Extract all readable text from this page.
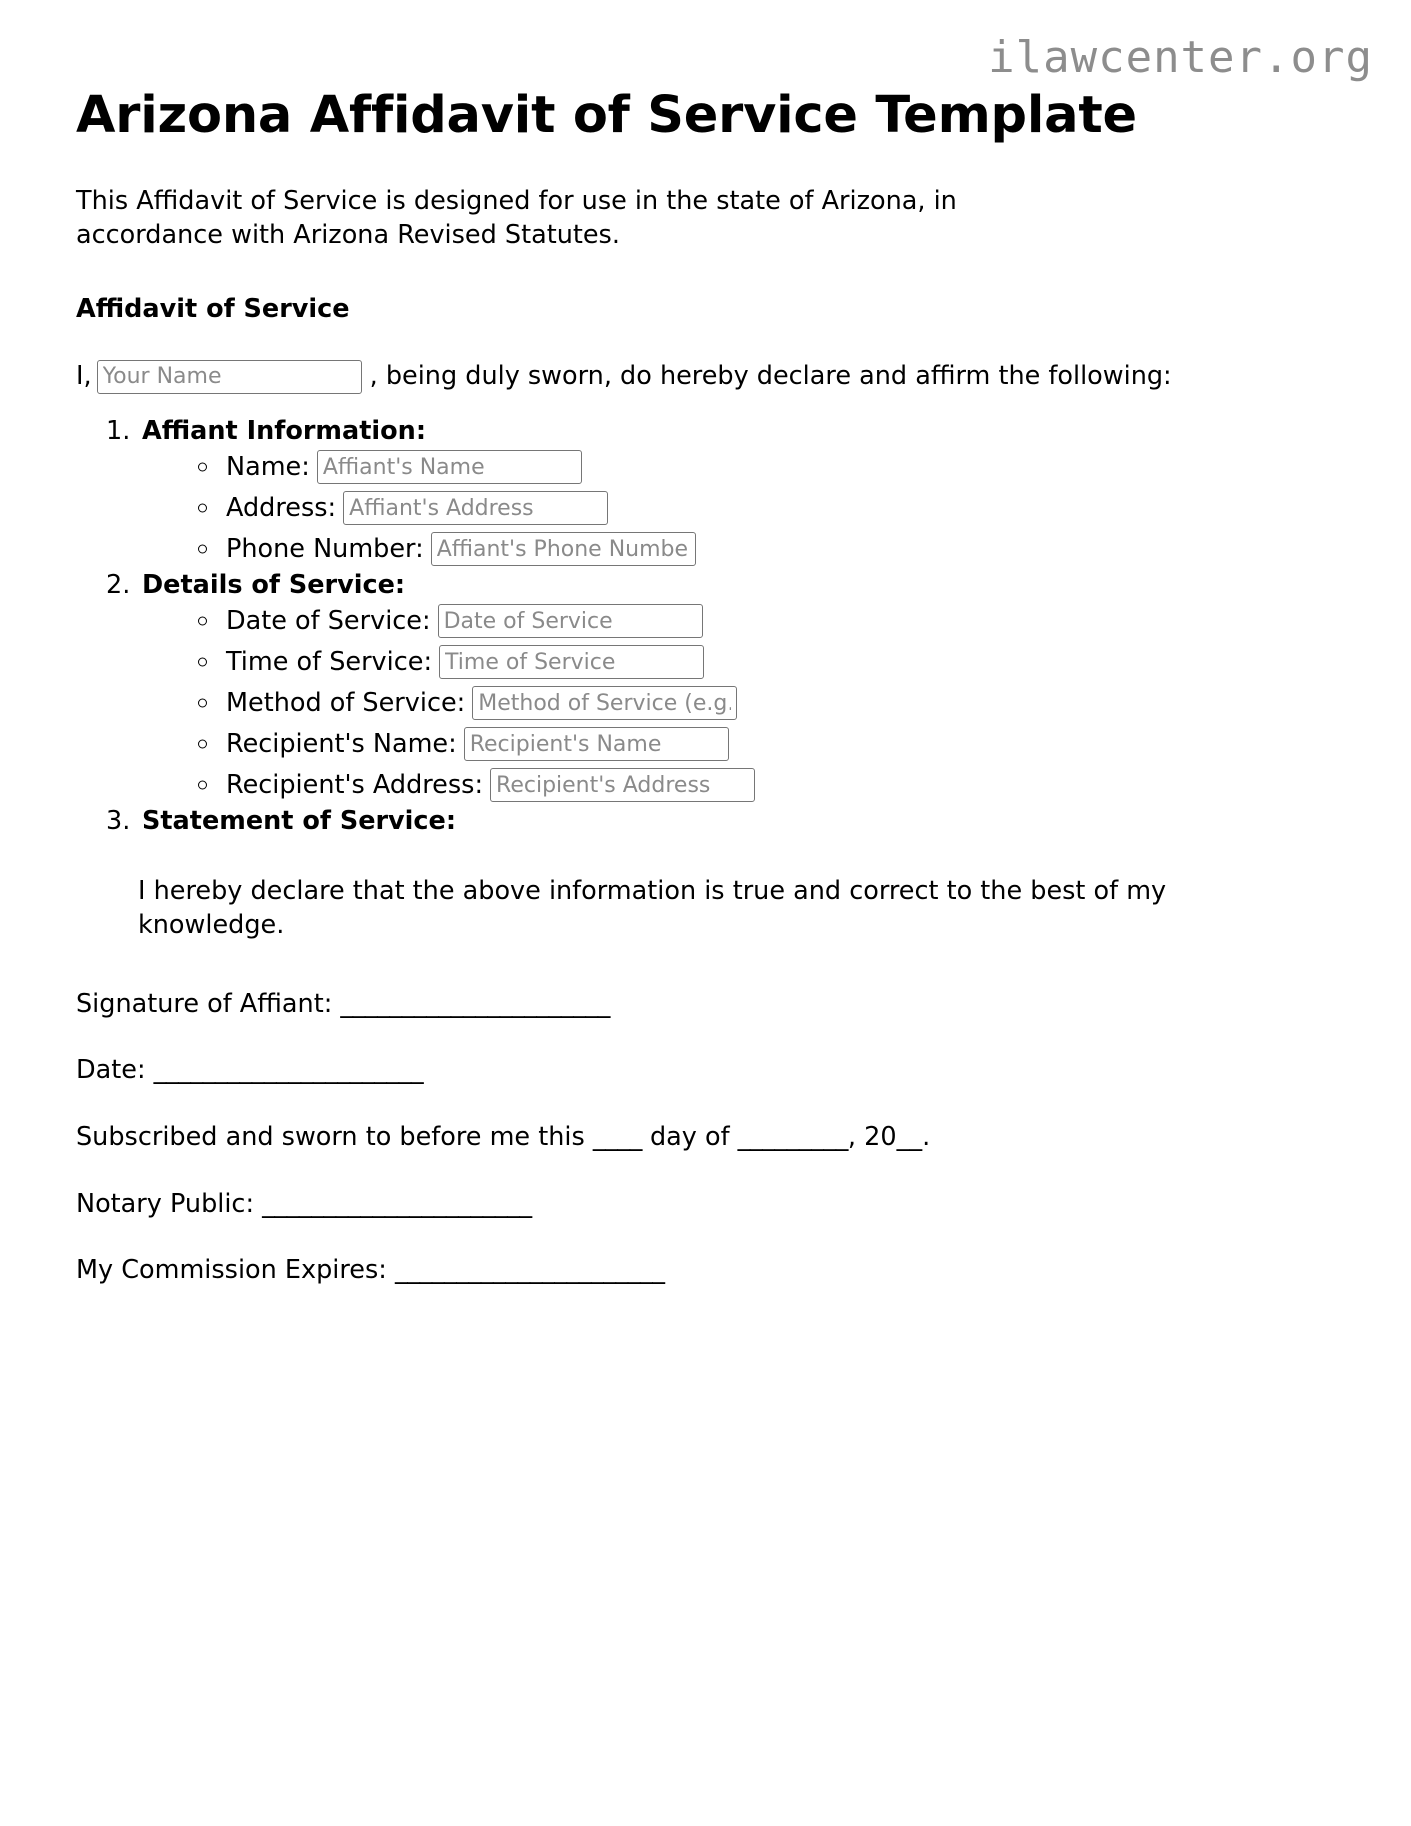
ilawcenter.org
Arizona Affidavit of Service Template

This Affidavit of Service is designed for use in the state of Arizona, in accordance with Arizona Revised Statutes.

Affidavit of Service
I,
Your Name	, being duly sworn, do hereby declare and affirm the following:
1. Affiant Information:
Name:
Affiant's Name
Address:
Affiant's Address
Phone Number:
Affiant's Phone Number
2. Details of Service:
Date of Service:
Date of Service
Time of Service:
Time of Service
Method of Service:
Method of Service (e.g., personal service, mail)
Recipient's Name:
Recipient's Name
Recipient's Address:
Recipient's Address
3. Statement of Service:

I hereby declare that the above information is true and correct to the best of my knowledge.

Signature of Affiant: ______________________

Date: ______________________

Subscribed and sworn to before me this ____ day of _________, 20__.

Notary Public: ______________________

My Commission Expires: ______________________
